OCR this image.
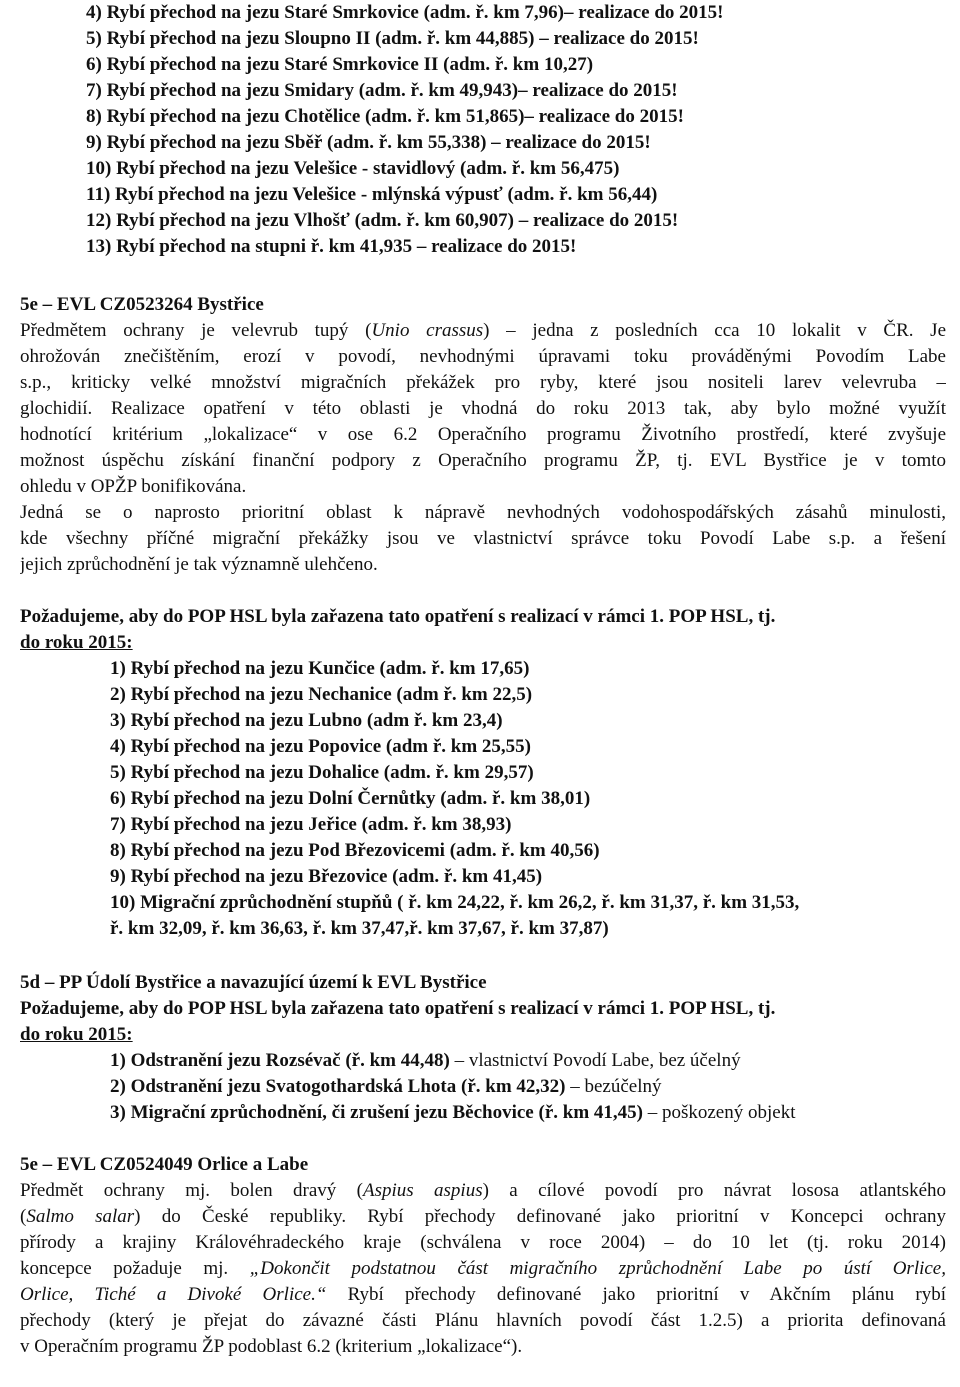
4) Rybí přechod na jezu Staré Smrkovice (adm. ř. km 7,96)– realizace do 2015!
5) Rybí přechod na jezu Sloupno II (adm. ř. km 44,885) – realizace do 2015!
6) Rybí přechod na jezu Staré Smrkovice II (adm. ř. km 10,27)
7) Rybí přechod na jezu Smidary (adm. ř. km 49,943)– realizace do 2015!
8) Rybí přechod na jezu Chotělice (adm. ř. km 51,865)– realizace do 2015!
9) Rybí přechod na jezu Sběř (adm. ř. km 55,338) – realizace do 2015!
10) Rybí přechod na jezu Velešice - stavidlový (adm. ř. km 56,475)
11) Rybí přechod na jezu Velešice - mlýnská výpusť (adm. ř. km 56,44)
12) Rybí přechod na jezu Vlhošť (adm. ř. km 60,907) – realizace do 2015!
13) Rybí přechod na stupni ř. km 41,935 – realizace do 2015!
5e – EVL CZ0523264 Bystřice
Předmětem ochrany je velevrub tupý (Unio crassus) – jedna z posledních cca 10 lokalit v ČR. Je
ohrožován znečištěním, erozí v povodí, nevhodnými úpravami toku prováděnými Povodím Labe
s.p., kriticky velké množství migračních překážek pro ryby, které jsou nositeli larev velevruba –
glochidií. Realizace opatření v této oblasti je vhodná do roku 2013 tak, aby bylo možné využít
hodnotící kritérium „lokalizace“ v ose 6.2 Operačního programu Životního prostředí, které zvyšuje
možnost úspěchu získání finanční podpory z Operačního programu ŽP, tj. EVL Bystřice je v tomto
ohledu v OPŽP bonifikována.
Jedná se o naprosto prioritní oblast k nápravě nevhodných vodohospodářských zásahů minulosti,
kde všechny příčné migrační překážky jsou ve vlastnictví správce toku Povodí Labe s.p. a řešení
jejich zprůchodnění je tak významně ulehčeno.
Požadujeme, aby do POP HSL byla zařazena tato opatření s realizací v rámci 1. POP HSL, tj.
do roku 2015:
1) Rybí přechod na jezu Kunčice (adm. ř. km 17,65)
2) Rybí přechod na jezu Nechanice (adm ř. km 22,5)
3) Rybí přechod na jezu Lubno (adm ř. km 23,4)
4) Rybí přechod na jezu Popovice (adm ř. km 25,55)
5) Rybí přechod na jezu Dohalice (adm. ř. km 29,57)
6) Rybí přechod na jezu Dolní Černůtky (adm. ř. km 38,01)
7) Rybí přechod na jezu Jeřice (adm. ř. km 38,93)
8) Rybí přechod na jezu Pod Březovicemi (adm. ř. km 40,56)
9) Rybí přechod na jezu Březovice (adm. ř. km 41,45)
10) Migrační zprůchodnění stupňů ( ř. km 24,22, ř. km 26,2, ř. km 31,37, ř. km 31,53,
ř. km 32,09, ř. km 36,63, ř. km 37,47,ř. km 37,67, ř. km 37,87)
5d – PP Údolí Bystřice a navazující území k EVL Bystřice
Požadujeme, aby do POP HSL byla zařazena tato opatření s realizací v rámci 1. POP HSL, tj.
do roku 2015:
1) Odstranění jezu Rozsévač (ř. km 44,48) – vlastnictví Povodí Labe, bez účelný
2) Odstranění jezu Svatogothardská Lhota (ř. km 42,32) – bezúčelný
3) Migrační zprůchodnění, či zrušení jezu Běchovice (ř. km 41,45) – poškozený objekt
5e – EVL CZ0524049 Orlice a Labe
Předmět ochrany mj. bolen dravý (Aspius aspius) a cílové povodí pro návrat lososa atlantského
(Salmo salar) do České republiky. Rybí přechody definované jako prioritní v Koncepci ochrany
přírody a krajiny Královéhradeckého kraje (schválena v roce 2004) – do 10 let (tj. roku 2014)
koncepce požaduje mj. „Dokončit podstatnou část migračního zprůchodnění Labe po ústí Orlice,
Orlice, Tiché a Divoké Orlice.“ Rybí přechody definované jako prioritní v Akčním plánu rybí
přechody (který je přejat do závazné části Plánu hlavních povodí část 1.2.5) a priorita definovaná
v Operačním programu ŽP podoblast 6.2 (kriterium „lokalizace“).
